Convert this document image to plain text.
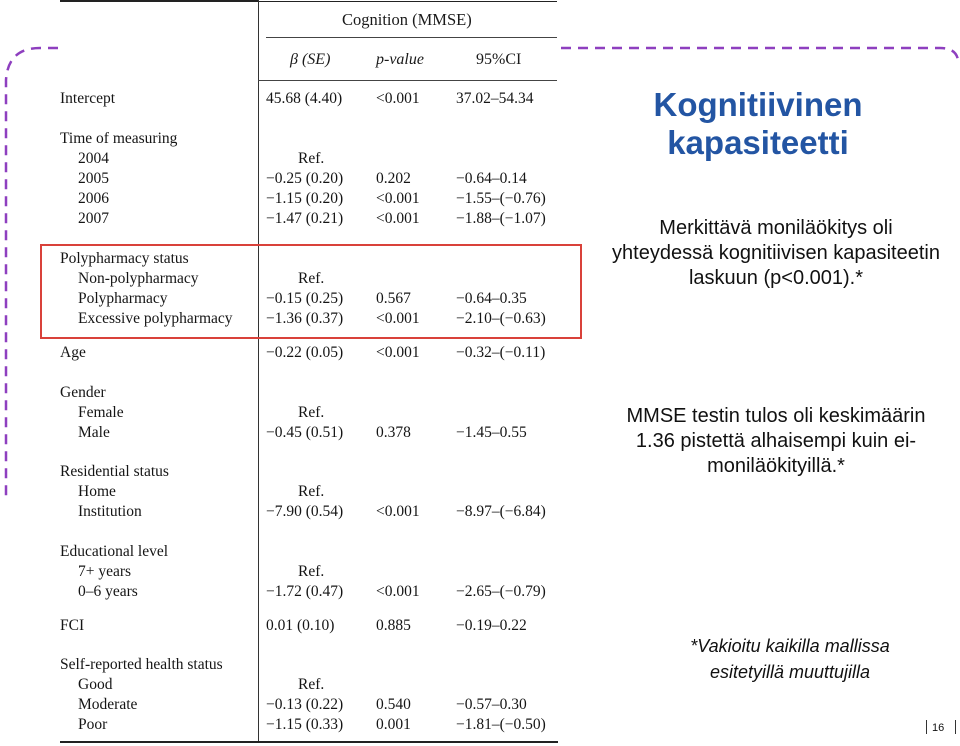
Cognition (MMSE)
β (SE)	p-value	95%CI
Intercept	45.68 (4.40) <0.001 37.02–54.34
Time of measuring
2004	Ref.
2005	−0.25 (0.20) 0.202	−0.64–0.14
2006	−1.15 (0.20) <0.001 −1.55–(−0.76)
2007	−1.47 (0.21) <0.001 −1.88–(−1.07)
Polypharmacy status
Non-polypharmacy	Ref.
Polypharmacy	−0.15 (0.25) 0.567	−0.64–0.35
Excessive polypharmacy −1.36 (0.37) <0.001 −2.10–(−0.63)
Age	−0.22 (0.05) <0.001 −0.32–(−0.11)
Gender
Female	Ref.
Male	−0.45 (0.51) 0.378	−1.45–0.55
Residential status
Home	Ref.
Institution	−7.90 (0.54) <0.001 −8.97–(−6.84)
Educational level
7+ years	Ref.
0–6 years	−1.72 (0.47) <0.001 −2.65–(−0.79)
FCI	0.01 (0.10)	0.885	−0.19–0.22
Self-reported health status
Good	Ref.
Moderate	−0.13 (0.22) 0.540	−0.57–0.30
Poor	−1.15 (0.33) 0.001	−1.81–(−0.50)
Kognitiivinen
kapasiteetti
Merkittävä moniläökitys oli yhteydessä kognitiivisen kapasiteetin laskuun (p<0.001).*
MMSE testin tulos oli keskimäärin 1.36 pistettä alhaisempi kuin ei-moniläökityillä.*
*Vakioitu kaikilla mallissa
esitetyillä muuttujilla
16
